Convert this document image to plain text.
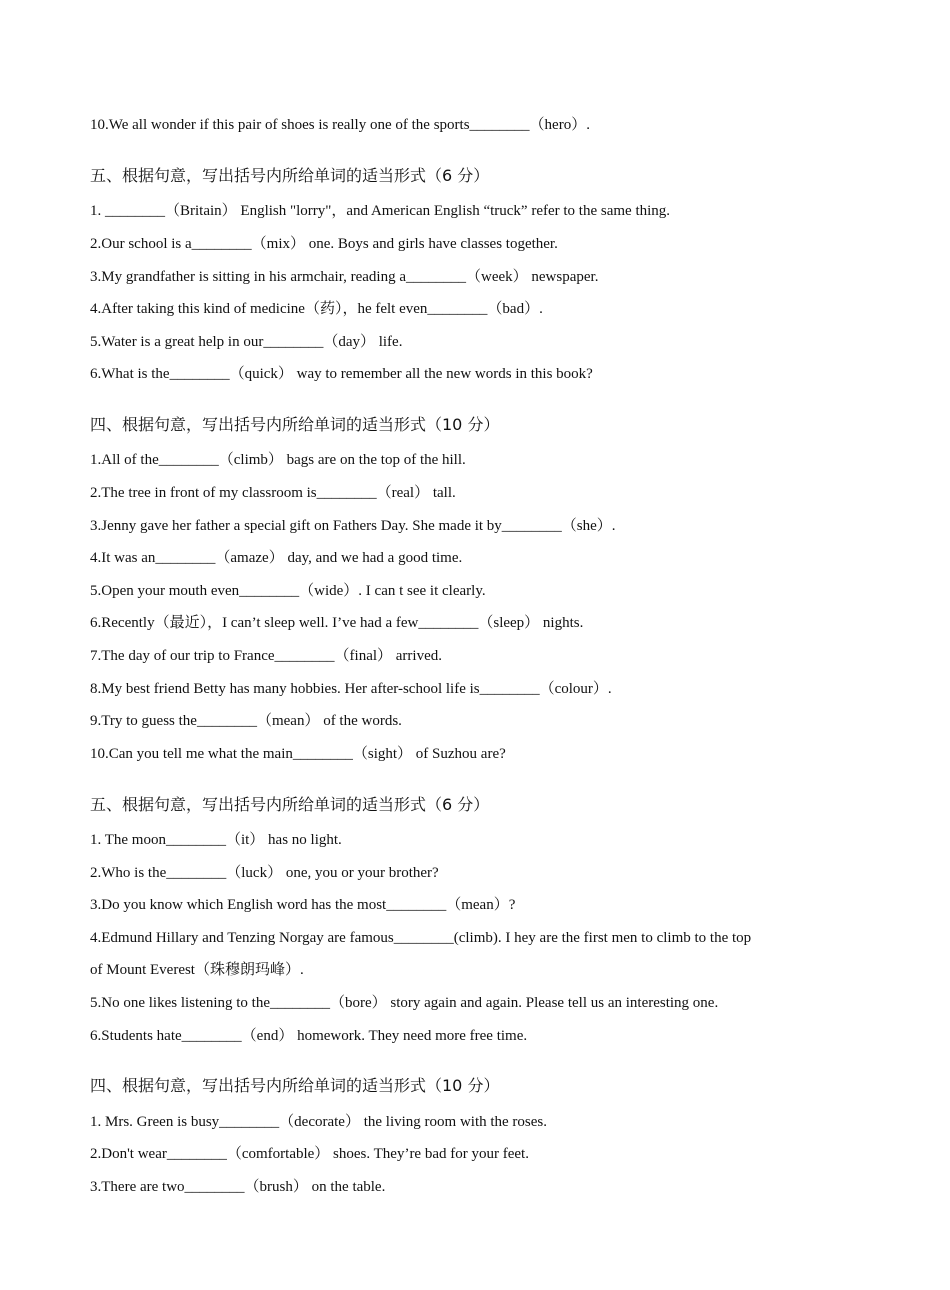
10.We all wonder if this pair of shoes is really one of the sports________（hero）.
五、根据句意，写出括号内所给单词的适当形式（6 分）
1. ________（Britain） English "lorry"，and American English “truck” refer to the same thing.
2.Our school is a________（mix） one. Boys and girls have classes together.
3.My grandfather is sitting in his armchair, reading a________（week） newspaper.
4.After taking this kind of medicine（药），he felt even________（bad）.
5.Water is a great help in our________（day） life.
6.What is the________（quick） way to remember all the new words in this book?
四、根据句意，写出括号内所给单词的适当形式（10 分）
1.All of the________（climb） bags are on the top of the hill.
2.The tree in front of my classroom is________（real） tall.
3.Jenny gave her father a special gift on Fathers Day. She made it by________（she）.
4.It was an________（amaze） day, and we had a good time.
5.Open your mouth even________（wide）. I can t see it clearly.
6.Recently（最近），I can’t sleep well. I’ve had a few________（sleep） nights.
7.The day of our trip to France________（final） arrived.
8.My best friend Betty has many hobbies. Her after-school life is________（colour）.
9.Try to guess the________（mean） of the words.
10.Can you tell me what the main________（sight） of Suzhou are?
五、根据句意，写出括号内所给单词的适当形式（6 分）
1. The moon________（it） has no light.
2.Who is the________（luck） one, you or your brother?
3.Do you know which English word has the most________（mean）?
4.Edmund Hillary and Tenzing Norgay are famous________(climb). I hey are the first men to climb to the top
of Mount Everest（珠穆朗玛峰）.
5.No one likes listening to the________（bore） story again and again. Please tell us an interesting one.
6.Students hate________（end） homework. They need more free time.
四、根据句意，写出括号内所给单词的适当形式（10 分）
1. Mrs. Green is busy________（decorate） the living room with the roses.
2.Don't wear________（comfortable） shoes. They’re bad for your feet.
3.There are two________（brush） on the table.
